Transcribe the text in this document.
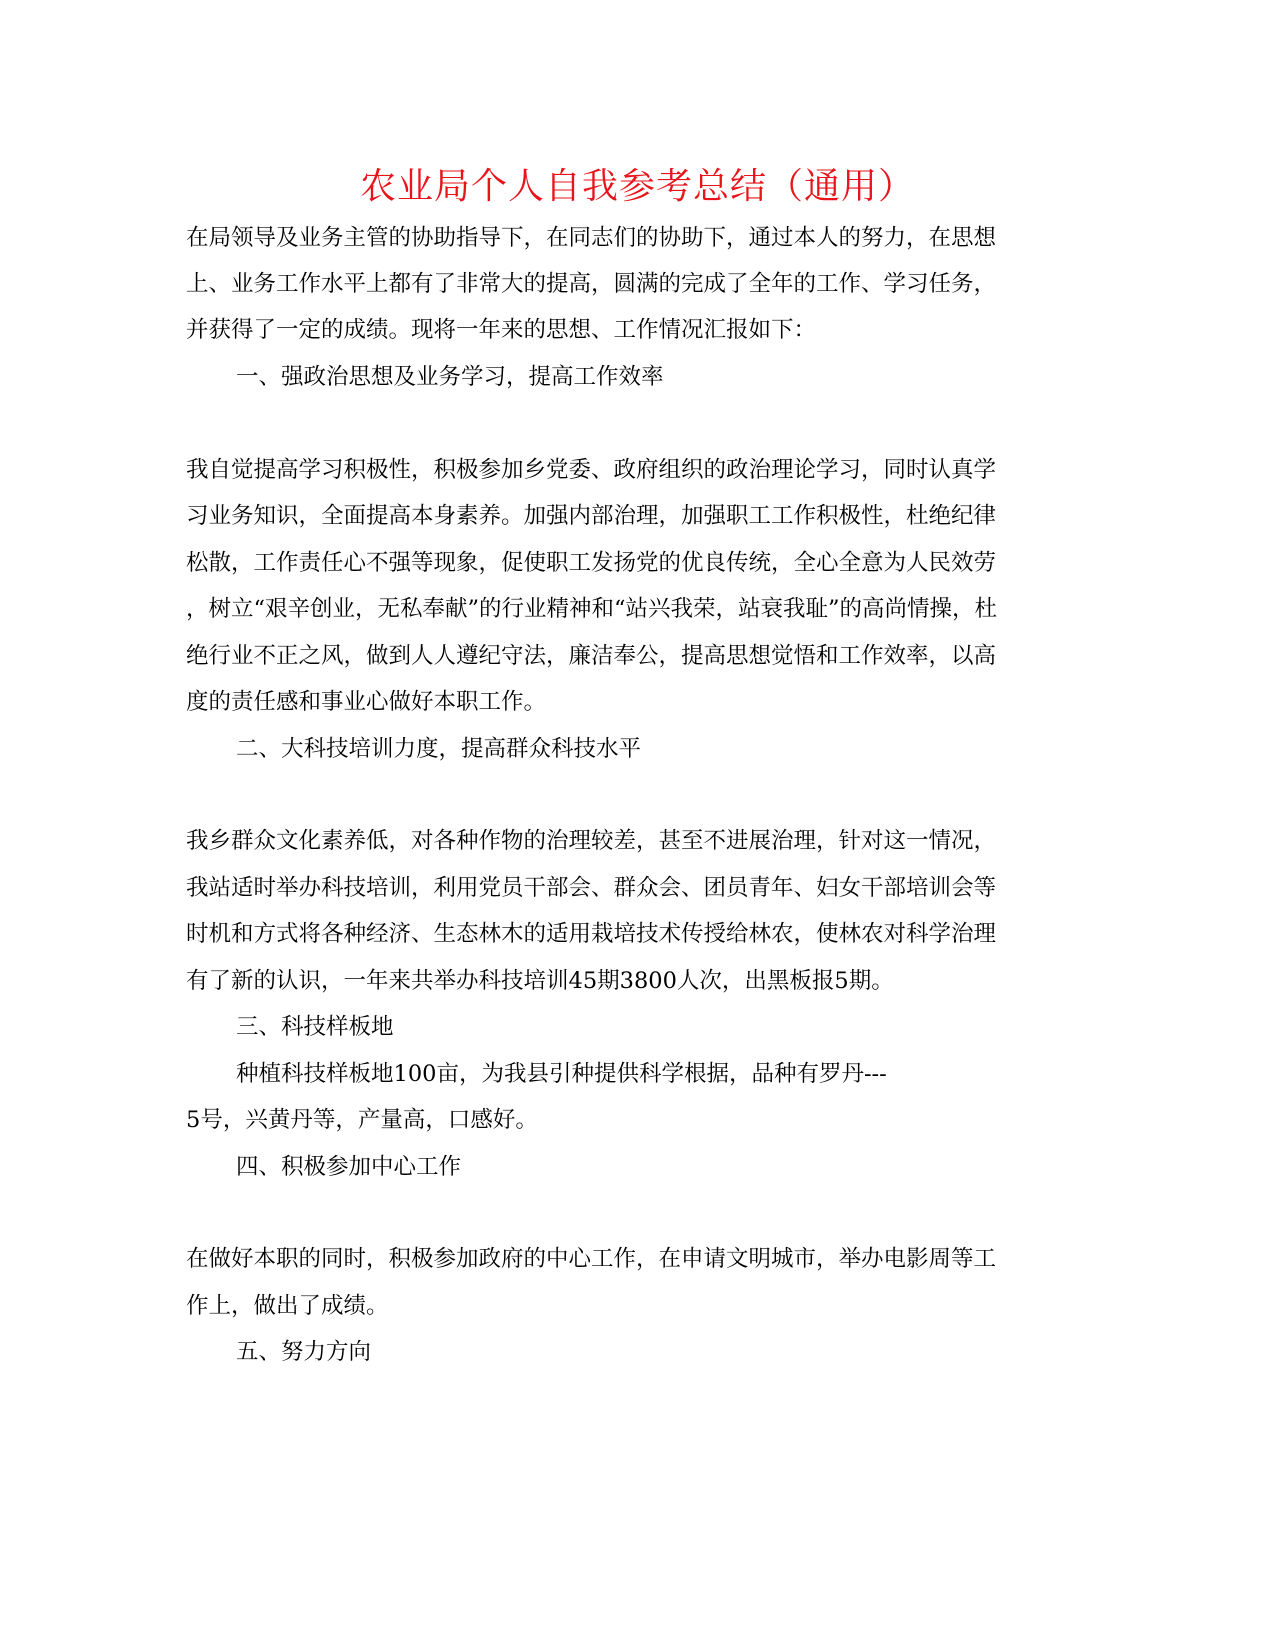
农业局个人自我参考总结（通用）
在局领导及业务主管的协助指导下，在同志们的协助下，通过本人的努力，在思想
上、业务工作水平上都有了非常大的提高，圆满的完成了全年的工作、学习任务，
并获得了一定的成绩。现将一年来的思想、工作情况汇报如下：
一、强政治思想及业务学习，提高工作效率
我自觉提高学习积极性，积极参加乡党委、政府组织的政治理论学习，同时认真学
习业务知识，全面提高本身素养。加强内部治理，加强职工工作积极性，杜绝纪律
松散，工作责任心不强等现象，促使职工发扬党的优良传统，全心全意为人民效劳
，树立“艰辛创业，无私奉献”的行业精神和“站兴我荣，站衰我耻”的高尚情操，杜
绝行业不正之风，做到人人遵纪守法，廉洁奉公，提高思想觉悟和工作效率，以高
度的责任感和事业心做好本职工作。
二、大科技培训力度，提高群众科技水平
我乡群众文化素养低，对各种作物的治理较差，甚至不进展治理，针对这一情况，
我站适时举办科技培训，利用党员干部会、群众会、团员青年、妇女干部培训会等
时机和方式将各种经济、生态林木的适用栽培技术传授给林农，使林农对科学治理
有了新的认识，一年来共举办科技培训45期3800人次，出黑板报5期。
三、科技样板地
种植科技样板地100亩，为我县引种提供科学根据，品种有罗丹---
5号，兴黄丹等，产量高，口感好。
四、积极参加中心工作
在做好本职的同时，积极参加政府的中心工作，在申请文明城市，举办电影周等工
作上，做出了成绩。
五、努力方向
